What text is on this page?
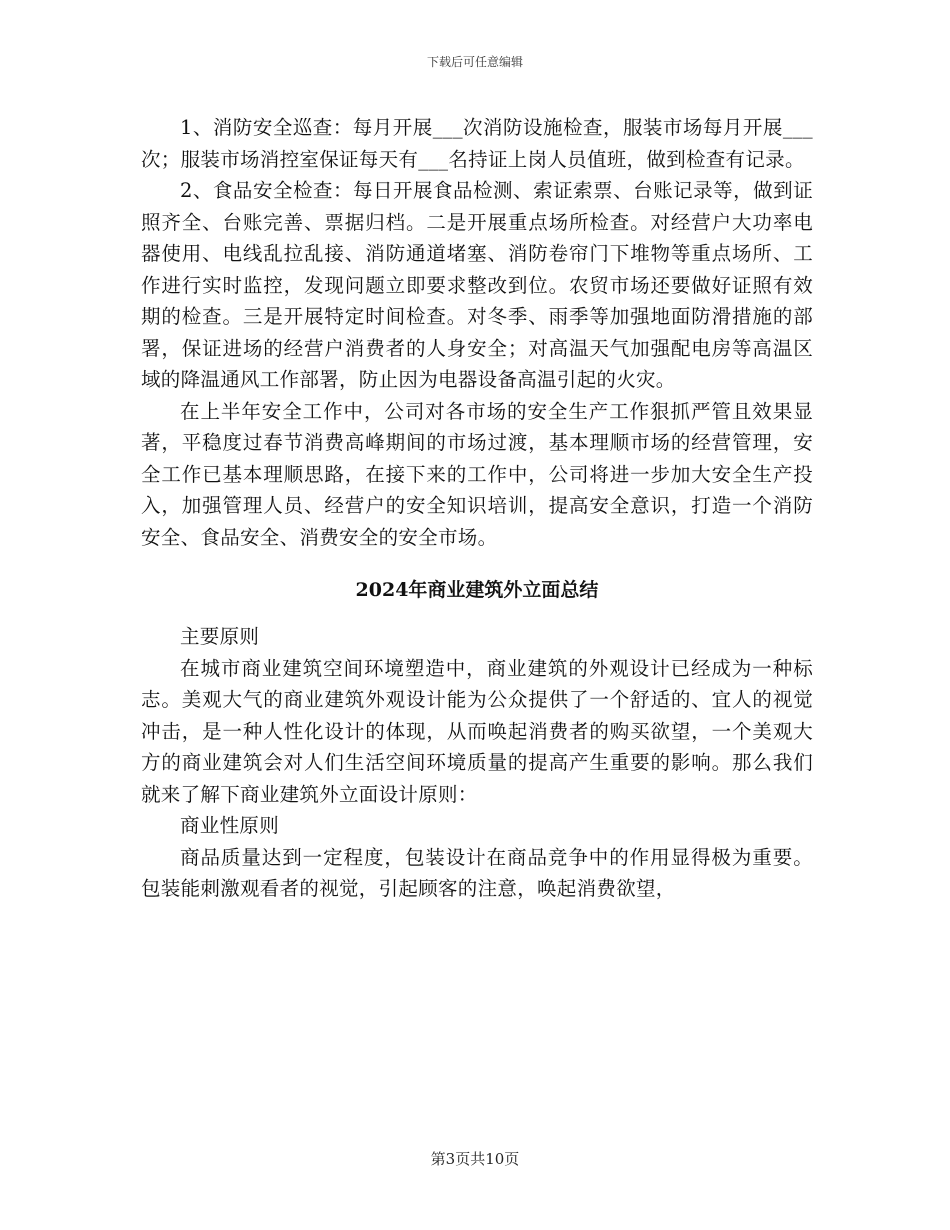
下载后可任意编辑

1、消防安全巡查：每月开展___次消防设施检查，服装市场每月开展___次；服装市场消控室保证每天有___名持证上岗人员值班，做到检查有记录。

2、食品安全检查：每日开展食品检测、索证索票、台账记录等，做到证照齐全、台账完善、票据归档。二是开展重点场所检查。对经营户大功率电器使用、电线乱拉乱接、消防通道堵塞、消防卷帘门下堆物等重点场所、工作进行实时监控，发现问题立即要求整改到位。农贸市场还要做好证照有效期的检查。三是开展特定时间检查。对冬季、雨季等加强地面防滑措施的部署，保证进场的经营户消费者的人身安全；对高温天气加强配电房等高温区域的降温通风工作部署，防止因为电器设备高温引起的火灾。

在上半年安全工作中，公司对各市场的安全生产工作狠抓严管且效果显著，平稳度过春节消费高峰期间的市场过渡，基本理顺市场的经营管理，安全工作已基本理顺思路，在接下来的工作中，公司将进一步加大安全生产投入，加强管理人员、经营户的安全知识培训，提高安全意识，打造一个消防安全、食品安全、消费安全的安全市场。

2024年商业建筑外立面总结

主要原则

在城市商业建筑空间环境塑造中，商业建筑的外观设计已经成为一种标志。美观大气的商业建筑外观设计能为公众提供了一个舒适的、宜人的视觉冲击，是一种人性化设计的体现，从而唤起消费者的购买欲望，一个美观大方的商业建筑会对人们生活空间环境质量的提高产生重要的影响。那么我们就来了解下商业建筑外立面设计原则：

商业性原则

商品质量达到一定程度，包装设计在商品竞争中的作用显得极为重要。包装能刺激观看者的视觉，引起顾客的注意，唤起消费欲望，

第3页共10页
